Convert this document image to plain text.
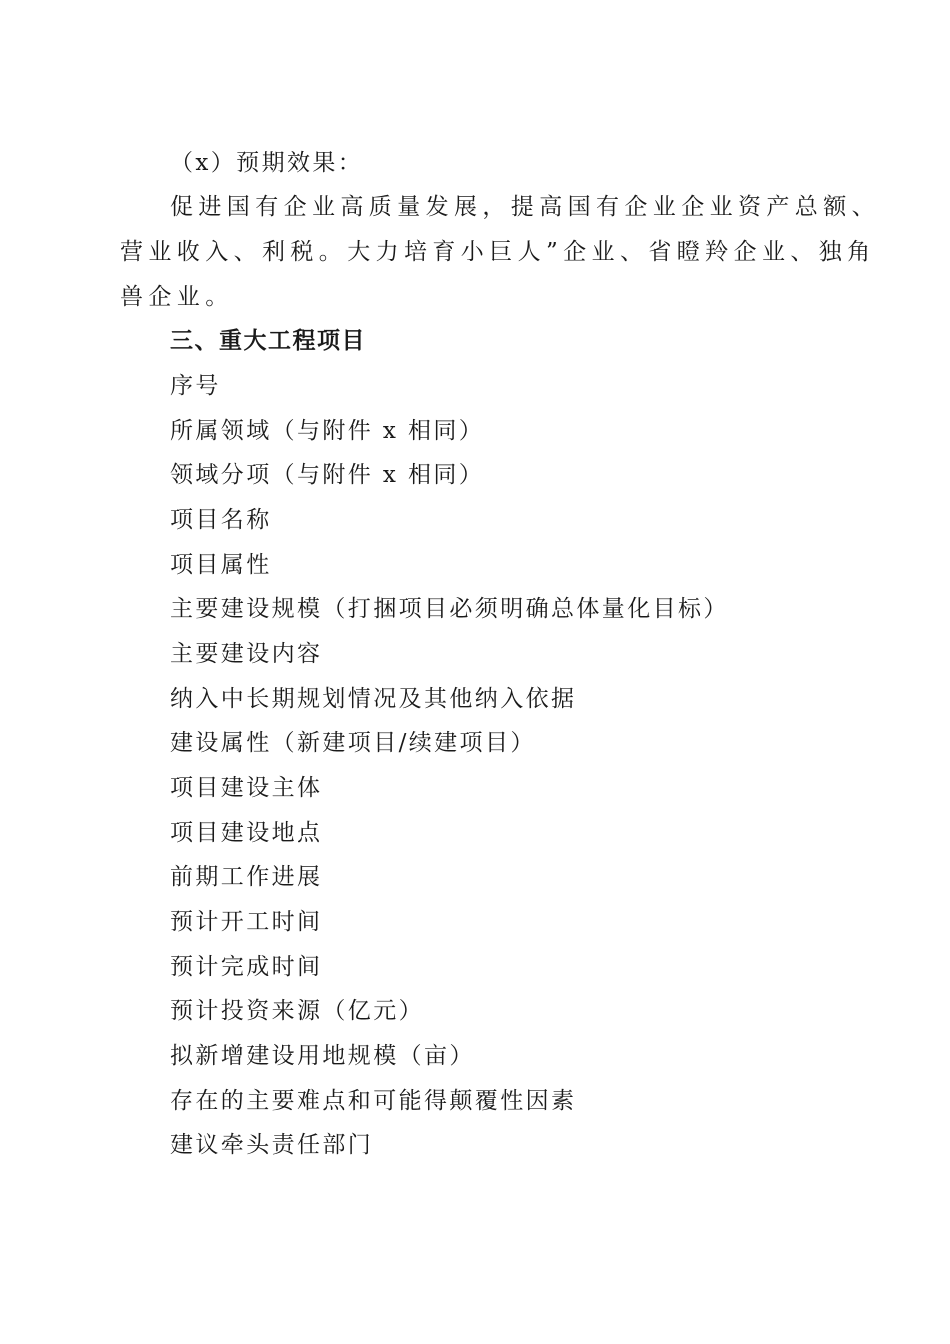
（x）预期效果：

促进国有企业高质量发展，提高国有企业企业资产总额、

营业收入、利税。大力培育小巨人”企业、省瞪羚企业、独角

兽企业。

三、重大工程项目

序号

所属领域（与附件 x 相同）

领域分项（与附件 x 相同）

项目名称

项目属性

主要建设规模（打捆项目必须明确总体量化目标）

主要建设内容

纳入中长期规划情况及其他纳入依据

建设属性（新建项目/续建项目）

项目建设主体

项目建设地点

前期工作进展

预计开工时间

预计完成时间

预计投资来源（亿元）

拟新增建设用地规模（亩）

存在的主要难点和可能得颠覆性因素

建议牵头责任部门
